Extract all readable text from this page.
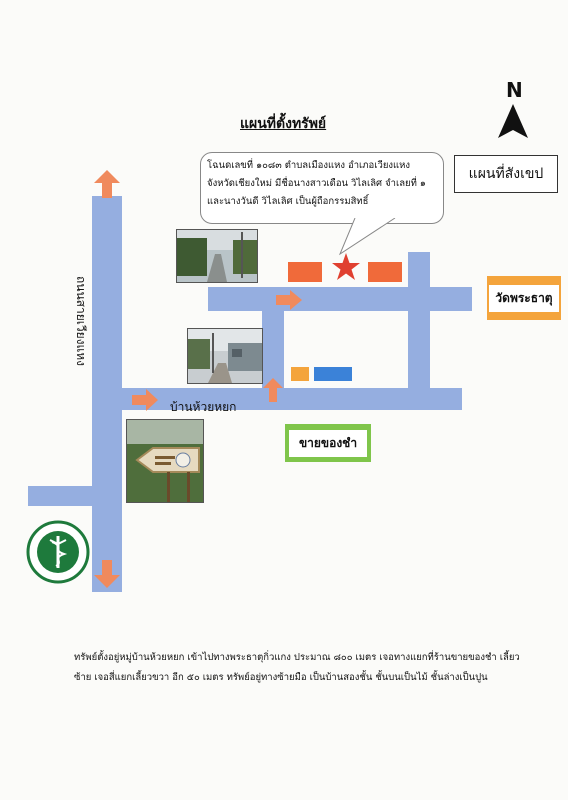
แผนที่ตั้งทรัพย์
N
แผนที่สังเขป
โฉนดเลขที่ ๑๐๘๓ ตำบลเมืองแหง อำเภอเวียงแหง
จังหวัดเชียงใหม่ มีชื่อนางสาวเดือน วิไลเลิศ จำเลยที่ ๑
และนางวันดี วิไลเลิศ เป็นผู้ถือกรรมสิทธิ์
วัดพระธาตุ
ขายของชำ
บ้านห้วยหยก
ถนนสายเวียงแหง
ทรัพย์ตั้งอยู่หมู่บ้านห้วยหยก เข้าไปทางพระธาตุกิ่วแกง ประมาณ ๘๐๐ เมตร เจอทางแยกที่ร้านขายของชำ เลี้ยว
ซ้าย เจอสี่แยกเลี้ยวขวา อีก ๕๐ เมตร ทรัพย์อยู่ทางซ้ายมือ เป็นบ้านสองชั้น ชั้นบนเป็นไม้ ชั้นล่างเป็นปูน
